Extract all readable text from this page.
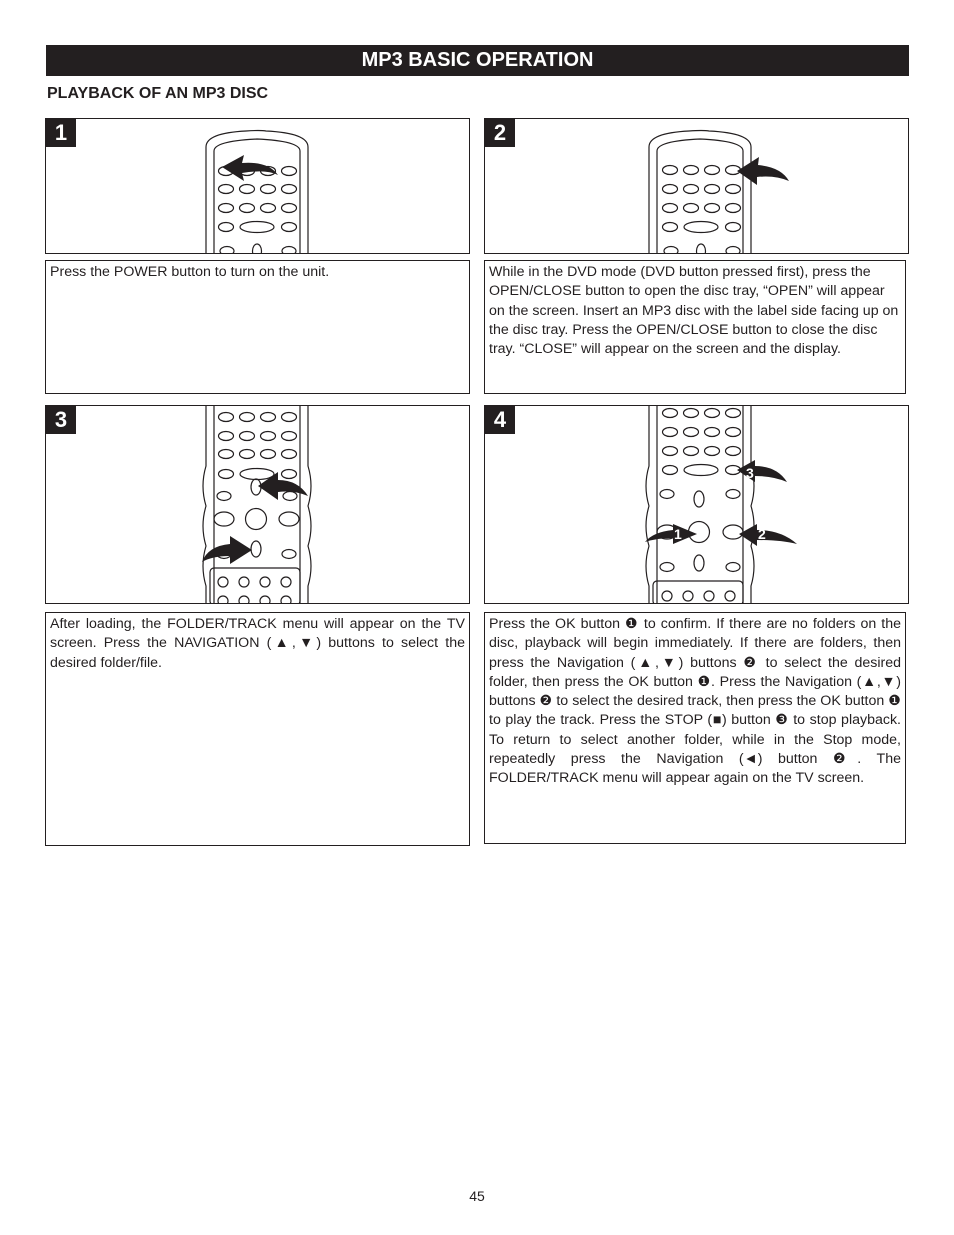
MP3 BASIC OPERATION
PLAYBACK OF AN MP3 DISC
1	2
Press the POWER button to turn on the unit.	While in the DVD mode (DVD button pressed first), press the OPEN/CLOSE button to open the disc tray, “OPEN” will appear on the screen. Insert an MP3 disc with the label side facing up on the disc tray. Press the OPEN/CLOSE button to close the disc tray. “CLOSE” will appear on the screen and the display.
3	4
3
1	2
After loading, the FOLDER/TRACK menu will appear on the TV screen. Press the NAVIGATION (▲,▼) buttons to select the desired folder/file.
Press the OK button ❶ to confirm. If there are no folders on the disc, playback will begin immediately. If there are folders, then press the Navigation (▲,▼) buttons ❷ to select the desired folder, then press the OK button ❶. Press the Navigation (▲,▼) buttons ❷ to select the desired track, then press the OK button ❶ to play the track. Press the STOP (■) button ❸ to stop playback. To return to select another folder, while in the Stop mode, repeatedly press the Navigation (◄) button ❷. The FOLDER/TRACK menu will appear again on the TV screen.
45
